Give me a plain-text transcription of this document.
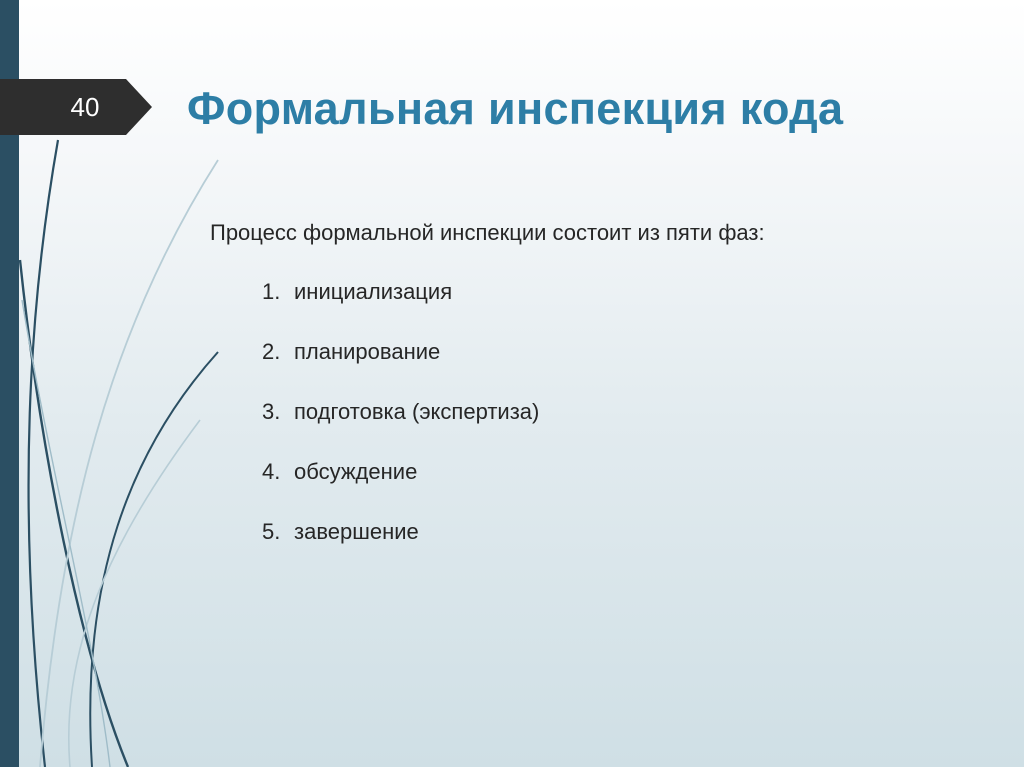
40	Формальная инспекция кода
Процесс формальной инспекции состоит из пяти фаз:
1. инициализация
2. планирование
3. подготовка (экспертиза)
4. обсуждение
5. завершение
